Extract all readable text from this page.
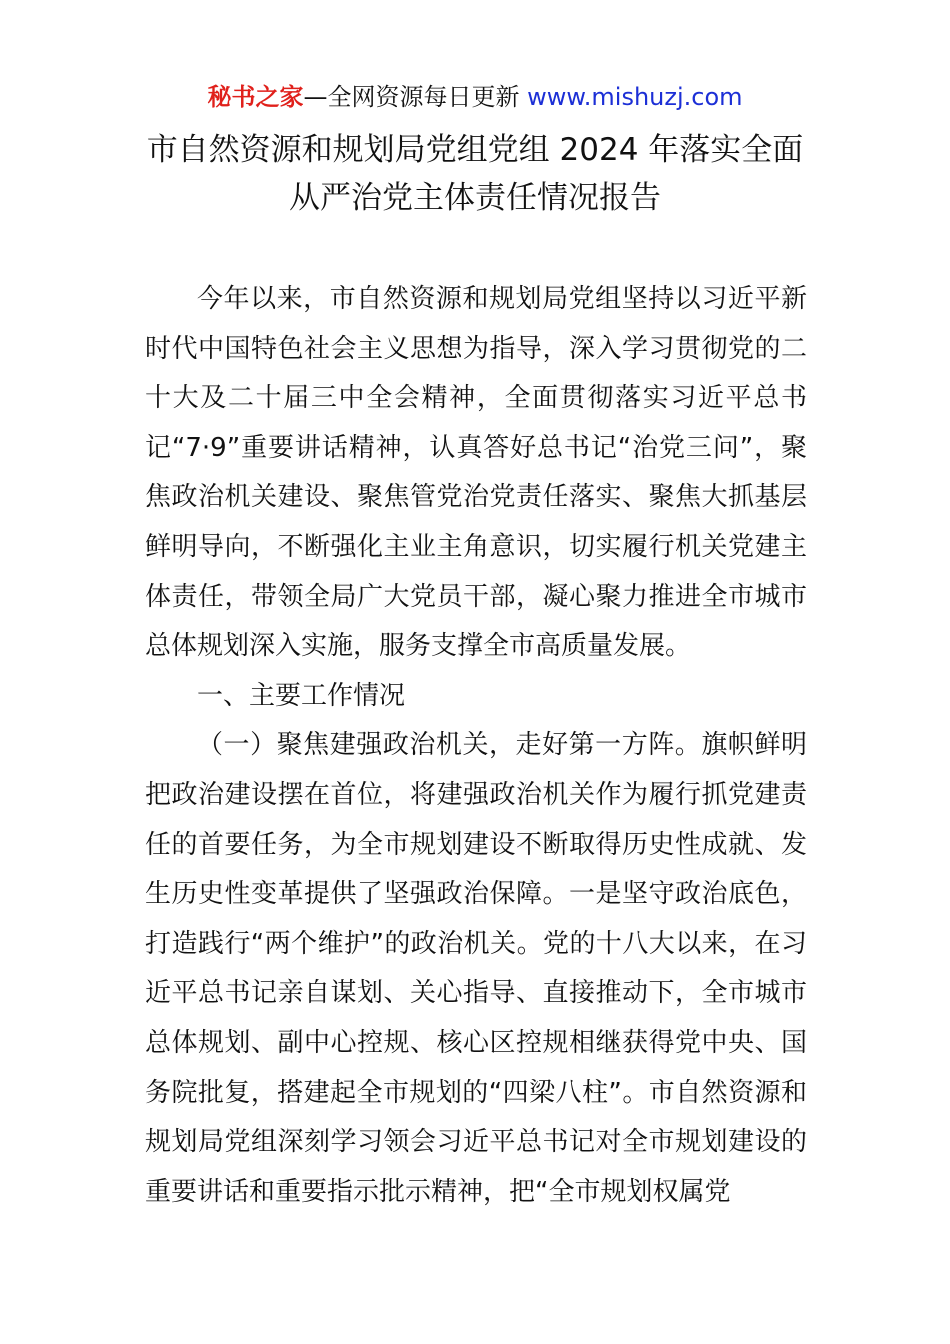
秘书之家—全网资源每日更新 www.mishuzj.com
市自然资源和规划局党组党组 2024 年落实全面
从严治党主体责任情况报告

今年以来，市自然资源和规划局党组坚持以习近平新时代中国特色社会主义思想为指导，深入学习贯彻党的二十大及二十届三中全会精神，全面贯彻落实习近平总书记“7·9”重要讲话精神，认真答好总书记“治党三问”，聚焦政治机关建设、聚焦管党治党责任落实、聚焦大抓基层鲜明导向，不断强化主业主角意识，切实履行机关党建主体责任，带领全局广大党员干部，凝心聚力推进全市城市总体规划深入实施，服务支撑全市高质量发展。

一、主要工作情况

（一）聚焦建强政治机关，走好第一方阵。旗帜鲜明把政治建设摆在首位，将建强政治机关作为履行抓党建责任的首要任务，为全市规划建设不断取得历史性成就、发生历史性变革提供了坚强政治保障。一是坚守政治底色，打造践行“两个维护”的政治机关。党的十八大以来，在习近平总书记亲自谋划、关心指导、直接推动下，全市城市总体规划、副中心控规、核心区控规相继获得党中央、国务院批复，搭建起全市规划的“四梁八柱”。市自然资源和规划局党组深刻学习领会习近平总书记对全市规划建设的重要讲话和重要指示批示精神，把“全市规划权属党
